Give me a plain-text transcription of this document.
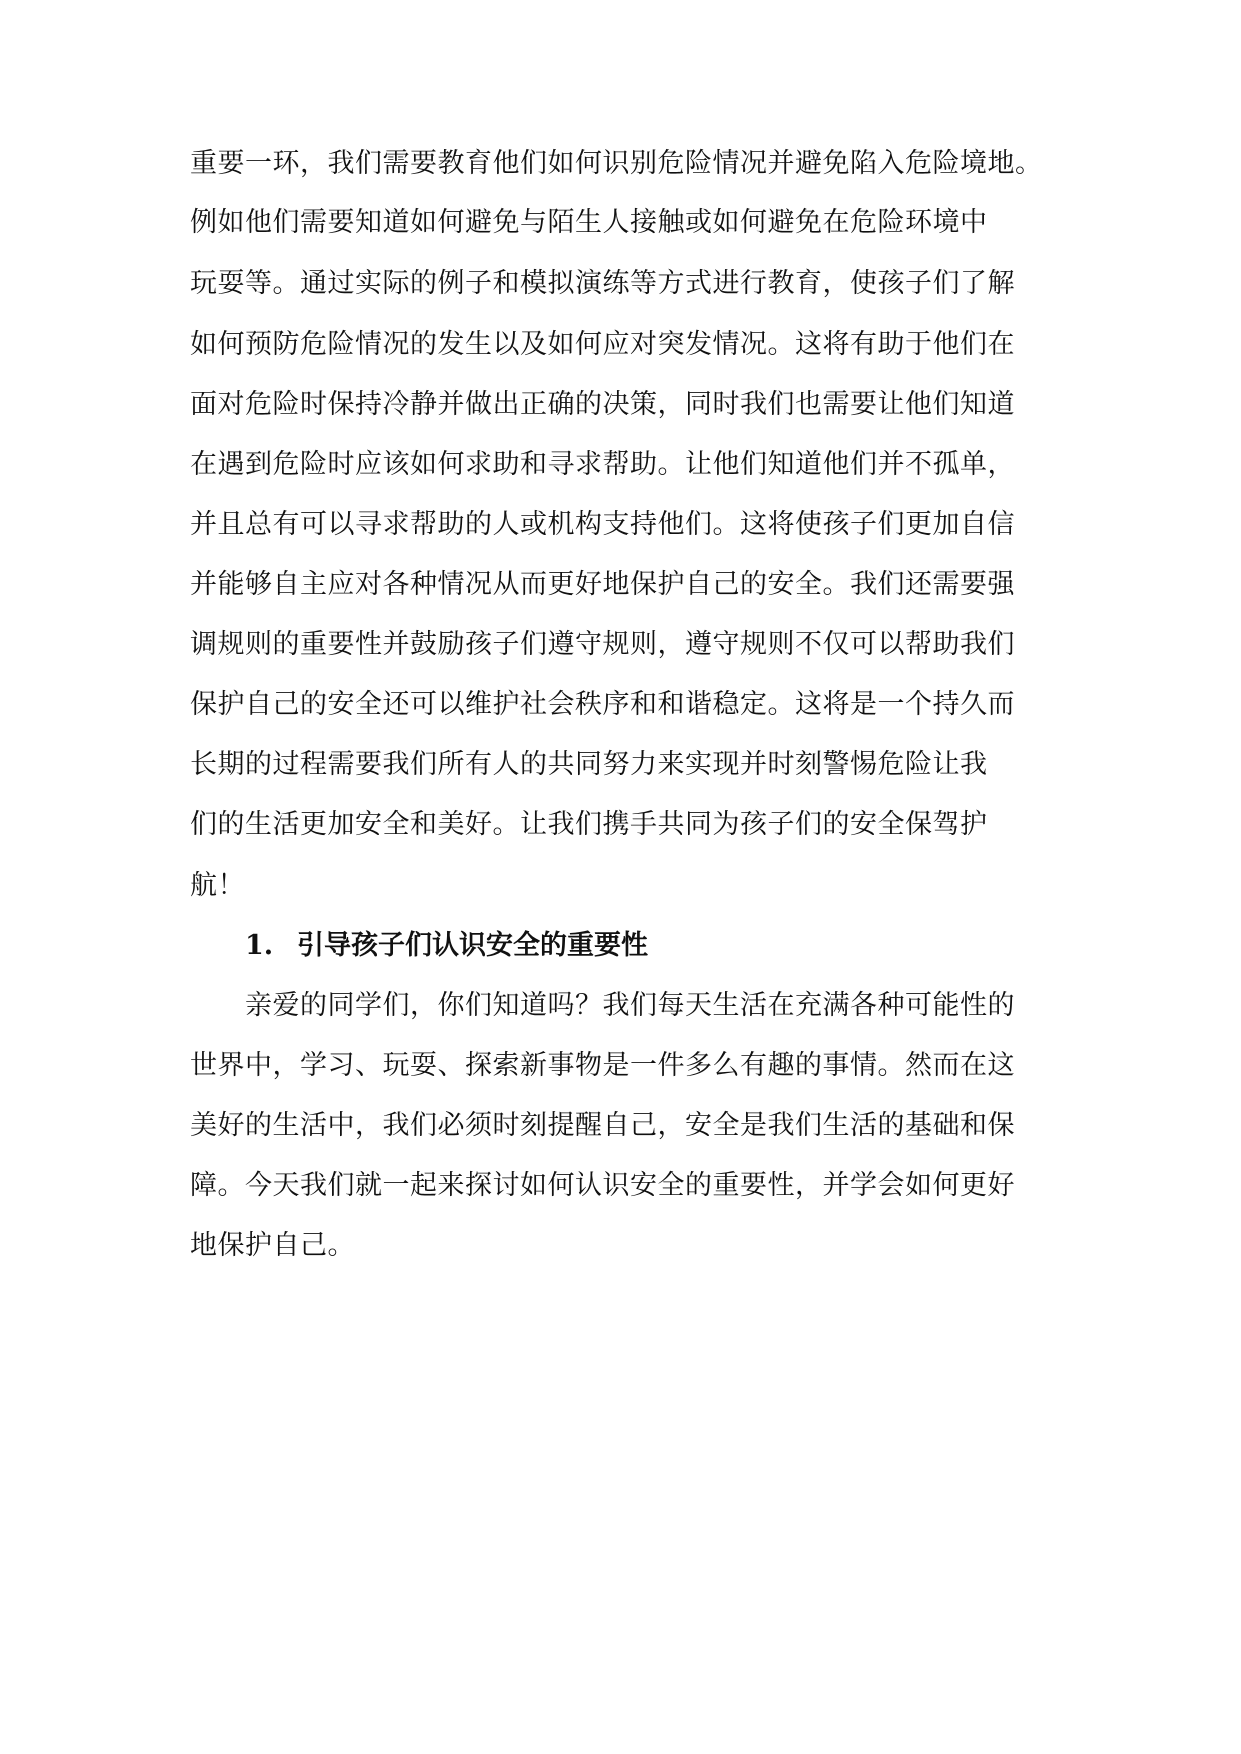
重要一环，我们需要教育他们如何识别危险情况并避免陷入危险境地。
例如他们需要知道如何避免与陌生人接触或如何避免在危险环境中
玩耍等。通过实际的例子和模拟演练等方式进行教育，使孩子们了解
如何预防危险情况的发生以及如何应对突发情况。这将有助于他们在
面对危险时保持冷静并做出正确的决策，同时我们也需要让他们知道
在遇到危险时应该如何求助和寻求帮助。让他们知道他们并不孤单，
并且总有可以寻求帮助的人或机构支持他们。这将使孩子们更加自信
并能够自主应对各种情况从而更好地保护自己的安全。我们还需要强
调规则的重要性并鼓励孩子们遵守规则，遵守规则不仅可以帮助我们
保护自己的安全还可以维护社会秩序和和谐稳定。这将是一个持久而
长期的过程需要我们所有人的共同努力来实现并时刻警惕危险让我
们的生活更加安全和美好。让我们携手共同为孩子们的安全保驾护
航！
1. 引导孩子们认识安全的重要性
亲爱的同学们，你们知道吗？我们每天生活在充满各种可能性的
世界中，学习、玩耍、探索新事物是一件多么有趣的事情。然而在这
美好的生活中，我们必须时刻提醒自己，安全是我们生活的基础和保
障。今天我们就一起来探讨如何认识安全的重要性，并学会如何更好
地保护自己。
